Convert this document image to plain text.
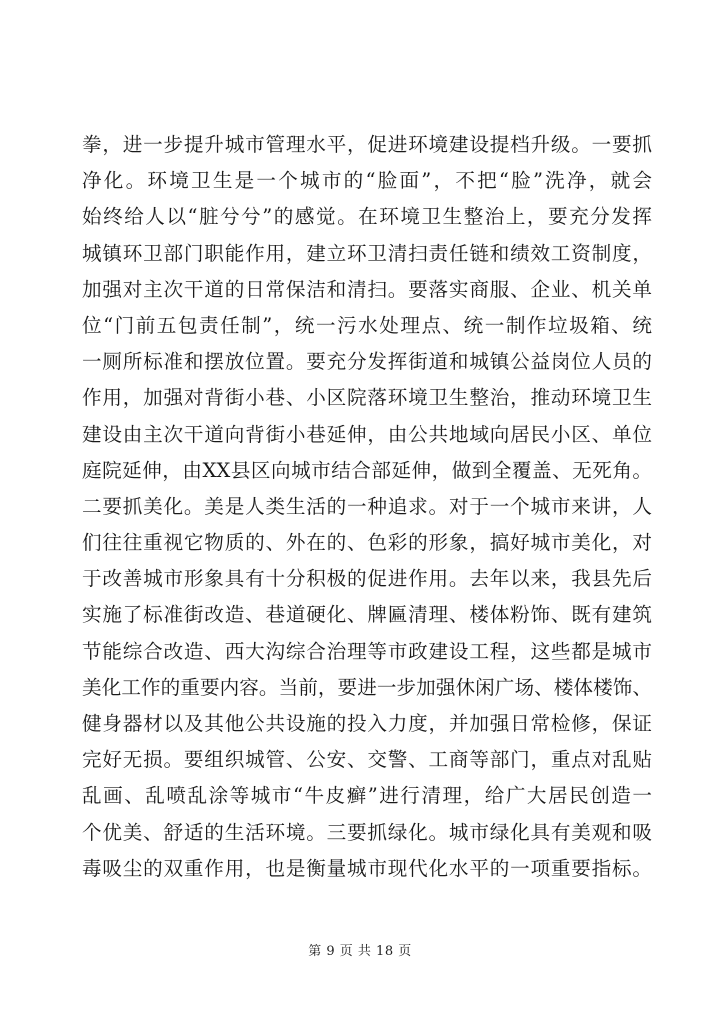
拳，进一步提升城市管理水平，促进环境建设提档升级。一要抓
净化。环境卫生是一个城市的“脸面”，不把“脸”洗净，就会
始终给人以“脏兮兮”的感觉。在环境卫生整治上，要充分发挥
城镇环卫部门职能作用，建立环卫清扫责任链和绩效工资制度，
加强对主次干道的日常保洁和清扫。要落实商服、企业、机关单
位“门前五包责任制”，统一污水处理点、统一制作垃圾箱、统
一厕所标准和摆放位置。要充分发挥街道和城镇公益岗位人员的
作用，加强对背街小巷、小区院落环境卫生整治，推动环境卫生
建设由主次干道向背街小巷延伸，由公共地域向居民小区、单位
庭院延伸，由XX县区向城市结合部延伸，做到全覆盖、无死角。
二要抓美化。美是人类生活的一种追求。对于一个城市来讲，人
们往往重视它物质的、外在的、色彩的形象，搞好城市美化，对
于改善城市形象具有十分积极的促进作用。去年以来，我县先后
实施了标准街改造、巷道硬化、牌匾清理、楼体粉饰、既有建筑
节能综合改造、西大沟综合治理等市政建设工程，这些都是城市
美化工作的重要内容。当前，要进一步加强休闲广场、楼体楼饰、
健身器材以及其他公共设施的投入力度，并加强日常检修，保证
完好无损。要组织城管、公安、交警、工商等部门，重点对乱贴
乱画、乱喷乱涂等城市“牛皮癣”进行清理，给广大居民创造一
个优美、舒适的生活环境。三要抓绿化。城市绿化具有美观和吸
毒吸尘的双重作用，也是衡量城市现代化水平的一项重要指标。
第 9 页 共 18 页
